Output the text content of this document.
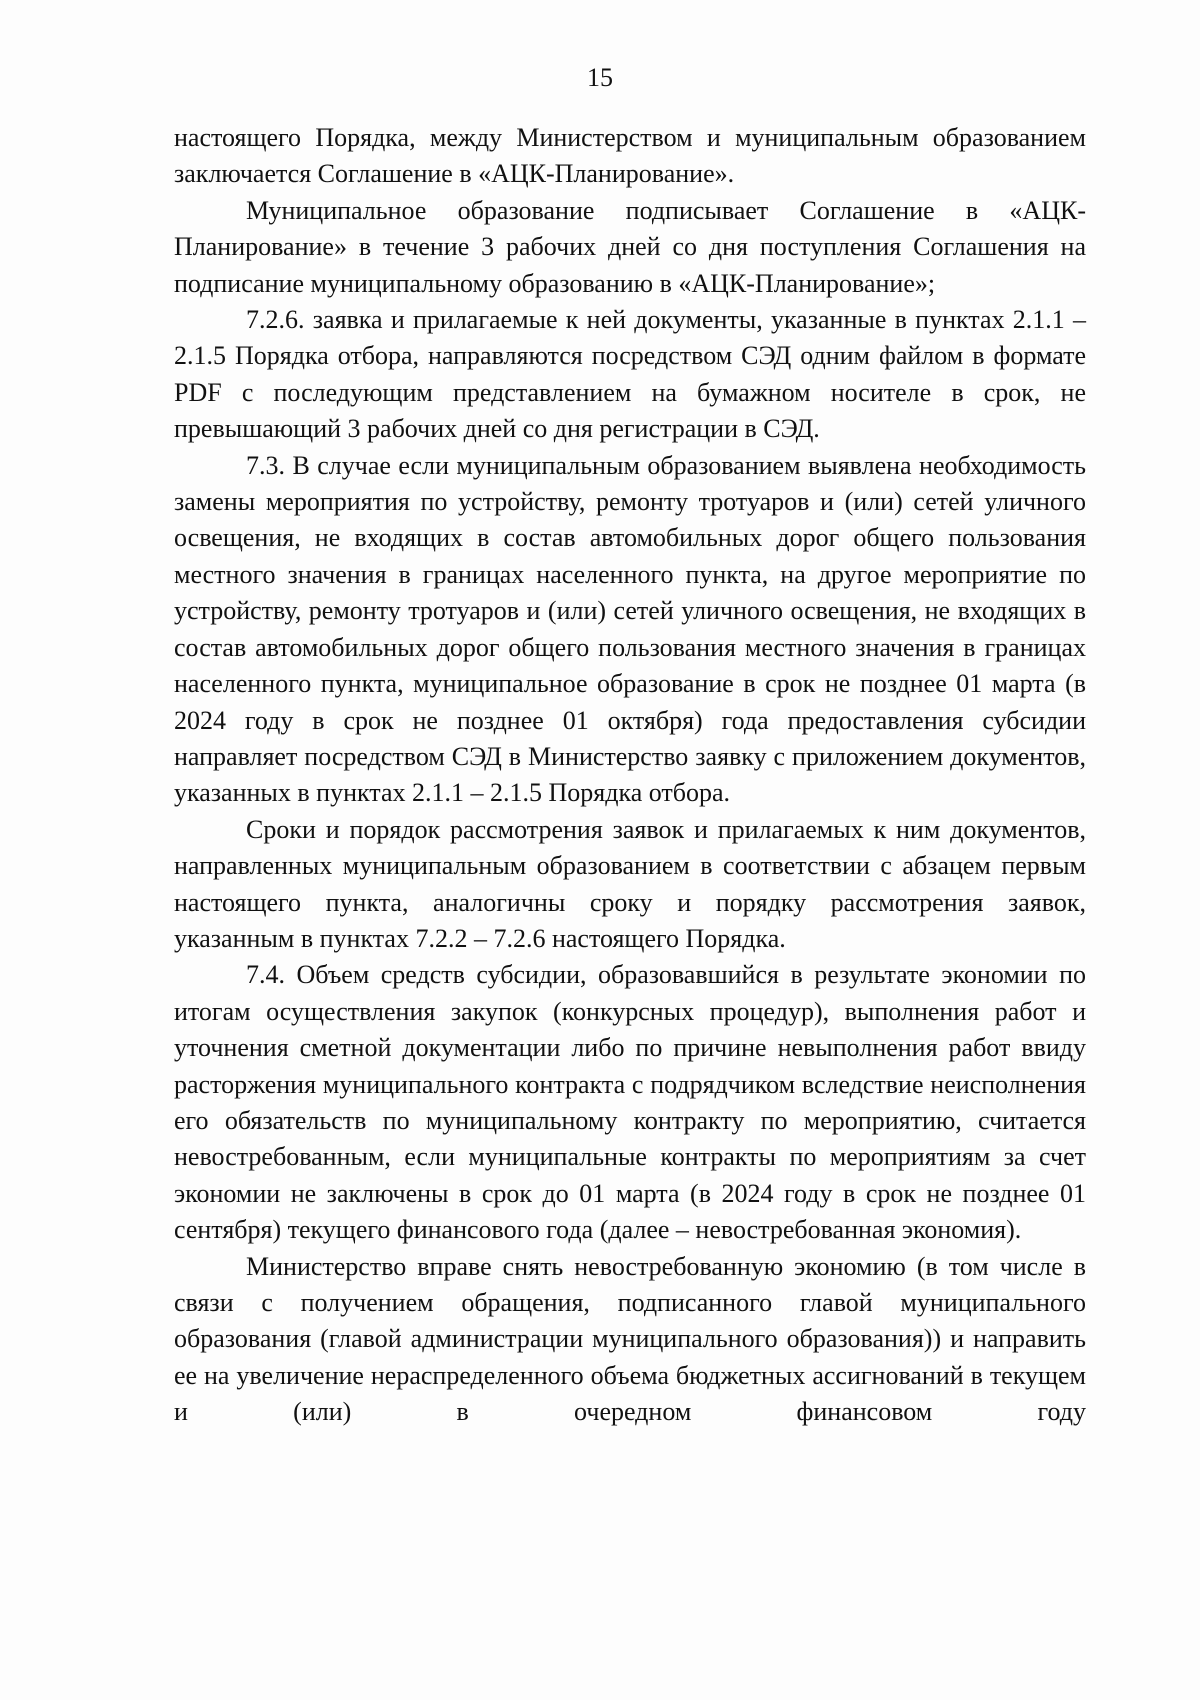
15

настоящего Порядка, между Министерством и муниципальным образованием заключается Соглашение в «АЦК-Планирование».

Муниципальное образование подписывает Соглашение в «АЦК-Планирование» в течение 3 рабочих дней со дня поступления Соглашения на подписание муниципальному образованию в «АЦК-Планирование»;

7.2.6. заявка и прилагаемые к ней документы, указанные в пунктах 2.1.1 – 2.1.5 Порядка отбора, направляются посредством СЭД одним файлом в формате PDF с последующим представлением на бумажном носителе в срок, не превышающий 3 рабочих дней со дня регистрации в СЭД.

7.3. В случае если муниципальным образованием выявлена необходимость замены мероприятия по устройству, ремонту тротуаров и (или) сетей уличного освещения, не входящих в состав автомобильных дорог общего пользования местного значения в границах населенного пункта, на другое мероприятие по устройству, ремонту тротуаров и (или) сетей уличного освещения, не входящих в состав автомобильных дорог общего пользования местного значения в границах населенного пункта, муниципальное образование в срок не позднее 01 марта (в 2024 году в срок не позднее 01 октября) года предоставления субсидии направляет посредством СЭД в Министерство заявку с приложением документов, указанных в пунктах 2.1.1 – 2.1.5 Порядка отбора.

Сроки и порядок рассмотрения заявок и прилагаемых к ним документов, направленных муниципальным образованием в соответствии с абзацем первым настоящего пункта, аналогичны сроку и порядку рассмотрения заявок, указанным в пунктах 7.2.2 – 7.2.6 настоящего Порядка.

7.4. Объем средств субсидии, образовавшийся в результате экономии по итогам осуществления закупок (конкурсных процедур), выполнения работ и уточнения сметной документации либо по причине невыполнения работ ввиду расторжения муниципального контракта с подрядчиком вследствие неисполнения его обязательств по муниципальному контракту по мероприятию, считается невостребованным, если муниципальные контракты по мероприятиям за счет экономии не заключены в срок до 01 марта (в 2024 году в срок не позднее 01 сентября) текущего финансового года (далее – невостребованная экономия).

Министерство вправе снять невостребованную экономию (в том числе в связи с получением обращения, подписанного главой муниципального образования (главой администрации муниципального образования)) и направить ее на увеличение нераспределенного объема бюджетных ассигнований в текущем и (или) в очередном финансовом году
